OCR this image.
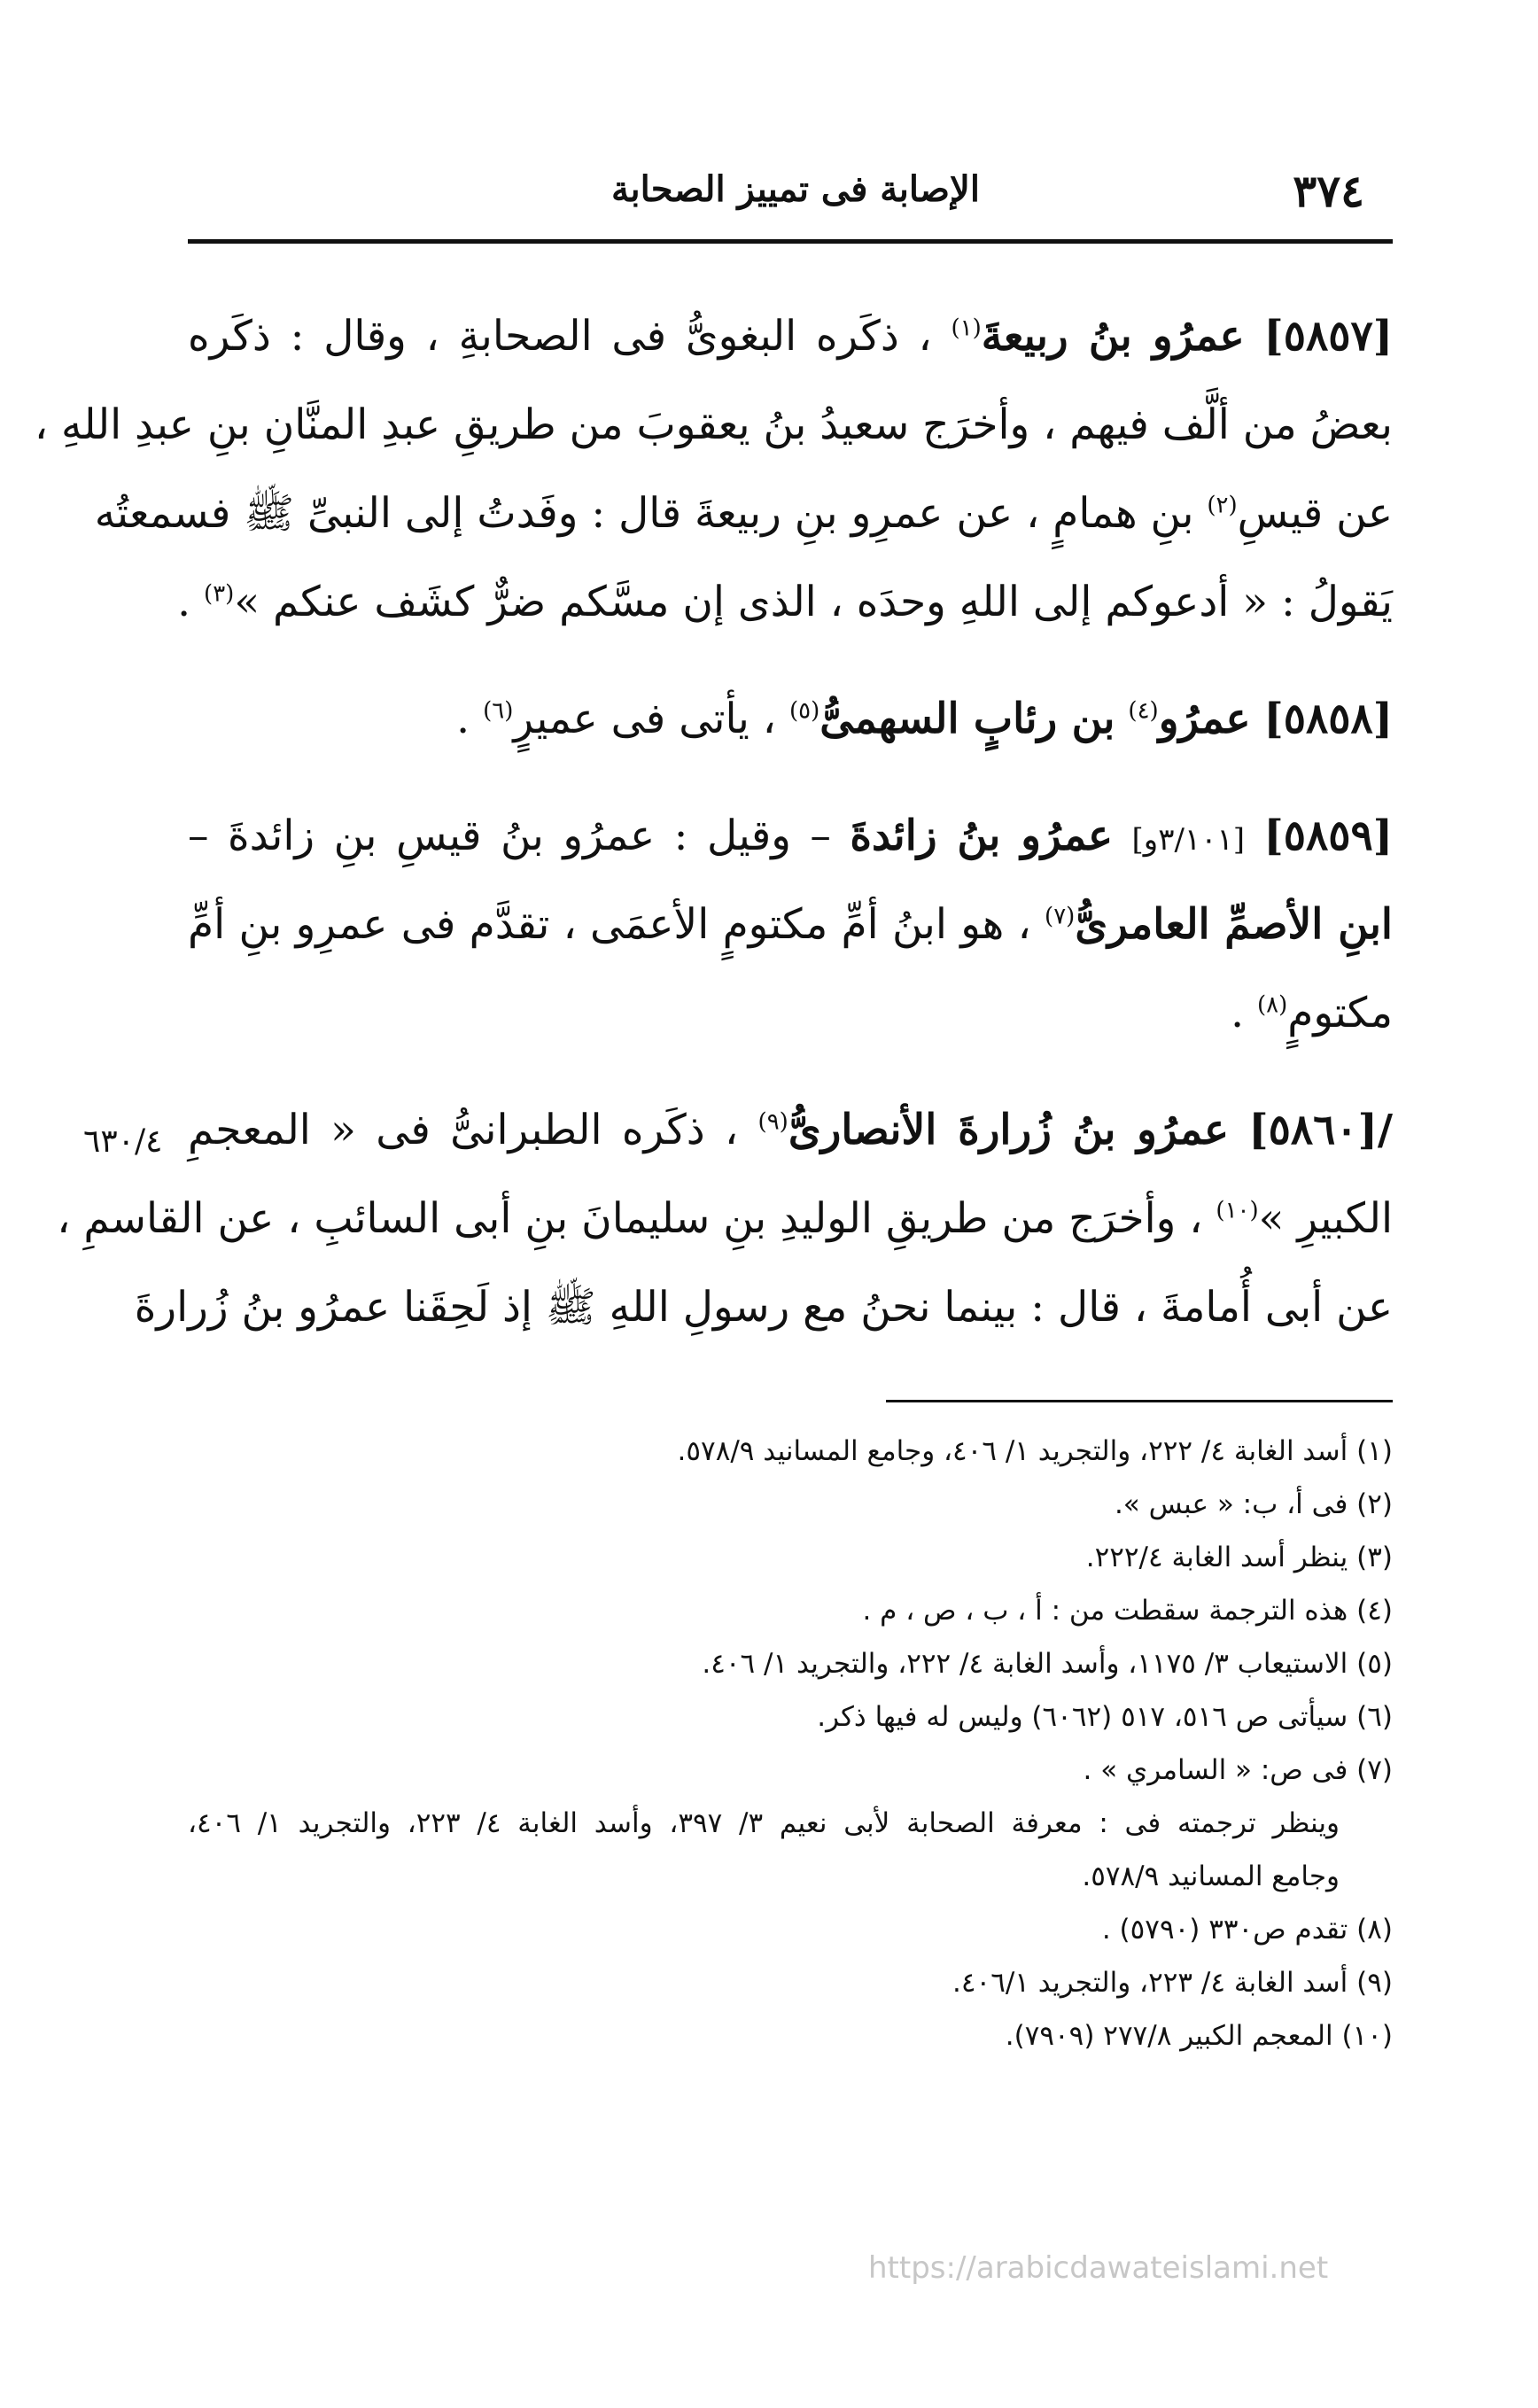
٣٧٤
الإصابة فى تمييز الصحابة
[٥٨٥٧] عمرُو بنُ ربيعةَ$^{(١)}$ ، ذكَره البغوىُّ فى الصحابةِ ، وقال : ذكَره
بعضُ من ألَّف فيهم ، وأخرَج سعيدُ بنُ يعقوبَ من طريقِ عبدِ المنَّانِ بنِ عبدِ اللهِ ،
عن قيسِ$^{(٢)}$ بنِ همامٍ ، عن عمرِو بنِ ربيعةَ قال : وفَدتُ إلى النبىِّ ﷺ فسمعتُه
يَقولُ : « أدعوكم إلى اللهِ وحدَه ، الذى إن مسَّكم ضرٌّ كشَف عنكم »$^{(٣)}$ .
[٥٨٥٨] عمرُو$^{(٤)}$ بن رئابٍ السهمىُّ$^{(٥)}$ ، يأتى فى عميرٍ$^{(٦)}$ .
[٥٨٥٩] [٣/١٠١و] عمرُو بنُ زائدةَ – وقيل : عمرُو بنُ قيسِ بنِ زائدةَ –
ابنِ الأصمِّ العامرىُّ$^{(٧)}$ ، هو ابنُ أمِّ مكتومٍ الأعمَى ، تقدَّم فى عمرِو بنِ أمِّ
مكتومٍ$^{(٨)}$ .
/[٥٨٦٠] عمرُو بنُ زُرارةَ الأنصارىُّ$^{(٩)}$ ، ذكَره الطبرانىُّ فى « المعجمِ
الكبيرِ »$^{(١٠)}$ ، وأخرَج من طريقِ الوليدِ بنِ سليمانَ بنِ أبى السائبِ ، عن القاسمِ ،
عن أبى أُمامةَ ، قال : بينما نحنُ مع رسولِ اللهِ ﷺ إذ لَحِقَنا عمرُو بنُ زُرارةَ
٦٣٠/٤
(١) أسد الغابة ٤/ ٢٢٢، والتجريد ١/ ٤٠٦، وجامع المسانيد ٥٧٨/٩.
(٢) فى أ، ب: « عبس ».
(٣) ينظر أسد الغابة ٢٢٢/٤.
(٤) هذه الترجمة سقطت من : أ ، ب ، ص ، م .
(٥) الاستيعاب ٣/ ١١٧٥، وأسد الغابة ٤/ ٢٢٢، والتجريد ١/ ٤٠٦.
(٦) سيأتى ص ٥١٦، ٥١٧ (٦٠٦٢) وليس له فيها ذكر.
(٧) فى ص: « السامري » .
وينظر ترجمته فى : معرفة الصحابة لأبى نعيم ٣/ ٣٩٧، وأسد الغابة ٤/ ٢٢٣، والتجريد ١/ ٤٠٦،
وجامع المسانيد ٥٧٨/٩.
(٨) تقدم ص٣٣٠ (٥٧٩٠) .
(٩) أسد الغابة ٤/ ٢٢٣، والتجريد ٤٠٦/١.
(١٠) المعجم الكبير ٢٧٧/٨ (٧٩٠٩).
https://arabicdawateislami.net
